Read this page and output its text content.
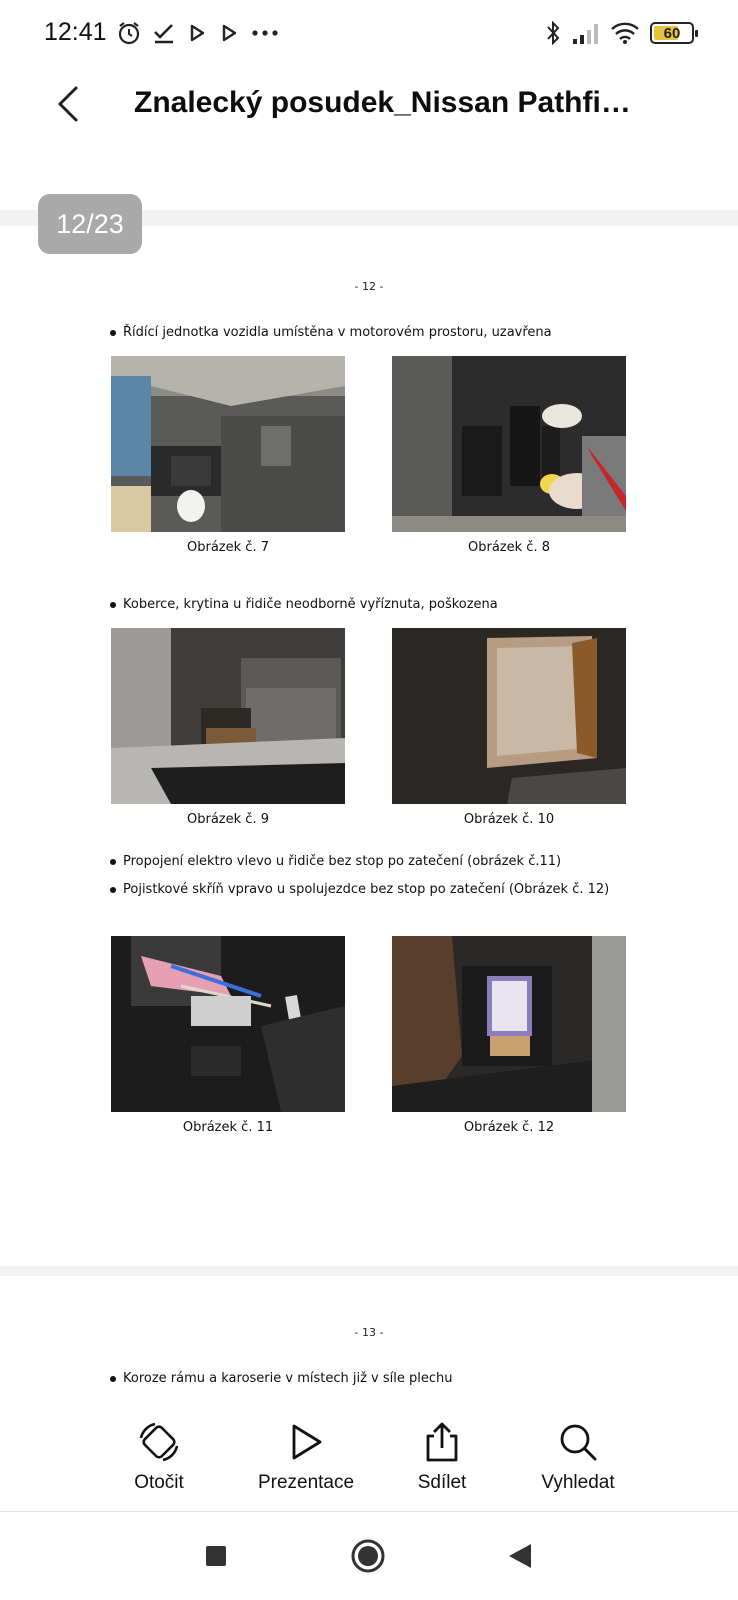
12:41	60
Znalecký posudek_Nissan Pathfi…
- 12 -
Řídící jednotka vozidla umístěna v motorovém prostoru, uzavřena
Obrázek č. 7	Obrázek č. 8
Koberce, krytina u řidiče neodborně vyříznuta, poškozena
Obrázek č. 9	Obrázek č. 10
Propojení elektro vlevo u řidiče bez stop po zatečení (obrázek č.11)
Pojistkové skříň vpravo u spolujezdce bez stop po zatečení (Obrázek č. 12)
Obrázek č. 11	Obrázek č. 12
- 13 -
Koroze rámu a karoserie v místech již v síle plechu
12/23
Otočit	Prezentace	Sdílet	Vyhledat
